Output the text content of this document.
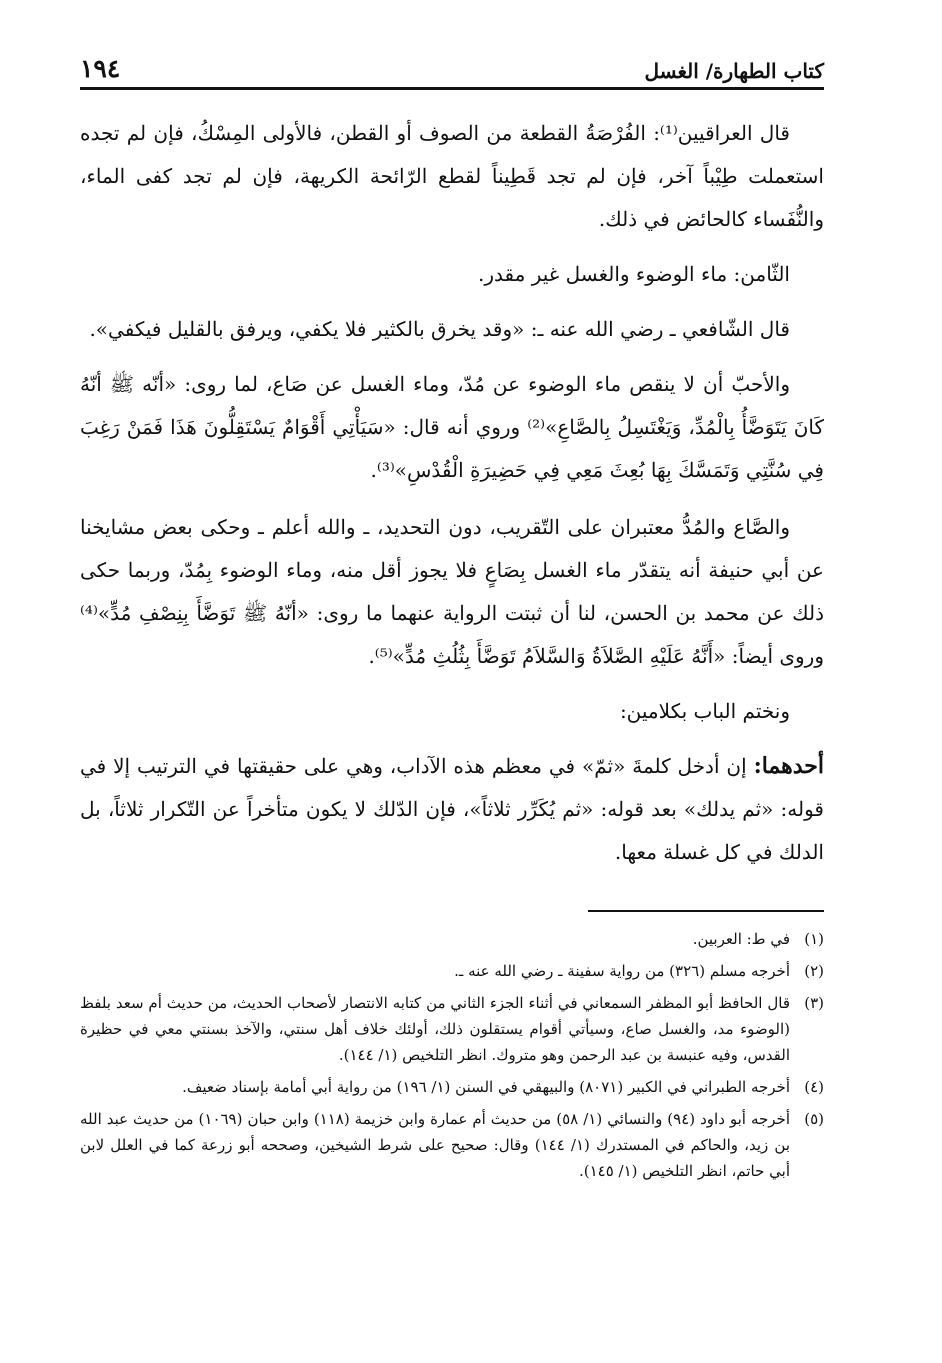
١٩٤	كتاب الطهارة/ الغسل

قال العراقيين⁽¹⁾: الفُرْصَةُ القطعة من الصوف أو القطن، فالأولى المِسْكُ، فإن لم تجده استعملت طِيْباً آخر، فإن لم تجد قَطِيناً لقطع الرّائحة الكريهة، فإن لم تجد كفى الماء، والنُّفَساء كالحائض في ذلك.

الثّامن: ماء الوضوء والغسل غير مقدر.

قال الشّافعي ـ رضي الله عنه ـ: «وقد يخرق بالكثير فلا يكفي، ويرفق بالقليل فيكفي».

والأحبّ أن لا ينقص ماء الوضوء عن مُدّ، وماء الغسل عن صَاع، لما روى: «أنّه ﷺ أنّهُ كَانَ يَتَوَضَّأُ بِالْمُدِّ، وَيَغْتَسِلُ بِالصَّاعِ»⁽²⁾ وروي أنه قال: «سَيَأْتِي أَقْوَامٌ يَسْتَقِلُّونَ هَذَا فَمَنْ رَغِبَ فِي سُنَّتِي وَتَمَسَّكَ بِهَا بُعِثَ مَعِي فِي حَضِيرَةِ الْقُدْسِ»⁽³⁾.

والصَّاع والمُدُّ معتبران على التّقريب، دون التحديد، ـ والله أعلم ـ وحكى بعض مشايخنا عن أبي حنيفة أنه يتقدّر ماء الغسل بِصَاعٍ فلا يجوز أقل منه، وماء الوضوء بِمُدّ، وربما حكى ذلك عن محمد بن الحسن، لنا أن ثبتت الرواية عنهما ما روى: «أنّهُ ﷺ تَوَضَّأَ بِنِصْفِ مُدٍّ»⁽⁴⁾ وروى أيضاً: «أَنَّهُ عَلَيْهِ الصَّلاَةُ وَالسَّلاَمُ تَوَضَّأَ بِثُلُثِ مُدٍّ»⁽⁵⁾.

ونختم الباب بكلامين:

أحدهما: إن أدخل كلمةَ «ثمّ» في معظم هذه الآداب، وهي على حقيقتها في الترتيب إلا في قوله: «ثم يدلك» بعد قوله: «ثم يُكَرِّر ثلاثاً»، فإن الدّلك لا يكون متأخراً عن التّكرار ثلاثاً، بل الدلك في كل غسلة معها.

(١)
في ط: العربين.
(٢)
أخرجه مسلم (٣٢٦) من رواية سفينة ـ رضي الله عنه ـ.
(٣)
قال الحافظ أبو المظفر السمعاني في أثناء الجزء الثاني من كتابه الانتصار لأصحاب الحديث، من حديث أم سعد بلفظ (الوضوء مد، والغسل صاع، وسيأتي أقوام يستقلون ذلك، أولئك خلاف أهل سنتي، والآخذ بسنتي معي في حظيرة القدس، وفيه عنبسة بن عبد الرحمن وهو متروك. انظر التلخيص (١/ ١٤٤).
(٤)
أخرجه الطبراني في الكبير (٨٠٧١) والبيهقي في السنن (١/ ١٩٦) من رواية أبي أمامة بإسناد ضعيف.
(٥)
أخرجه أبو داود (٩٤) والنسائي (١/ ٥٨) من حديث أم عمارة وابن خزيمة (١١٨) وابن حبان (١٠٦٩) من حديث عبد الله بن زيد، والحاكم في المستدرك (١/ ١٤٤) وقال: صحيح على شرط الشيخين، وصححه أبو زرعة كما في العلل لابن أبي حاتم، انظر التلخيص (١/ ١٤٥).
